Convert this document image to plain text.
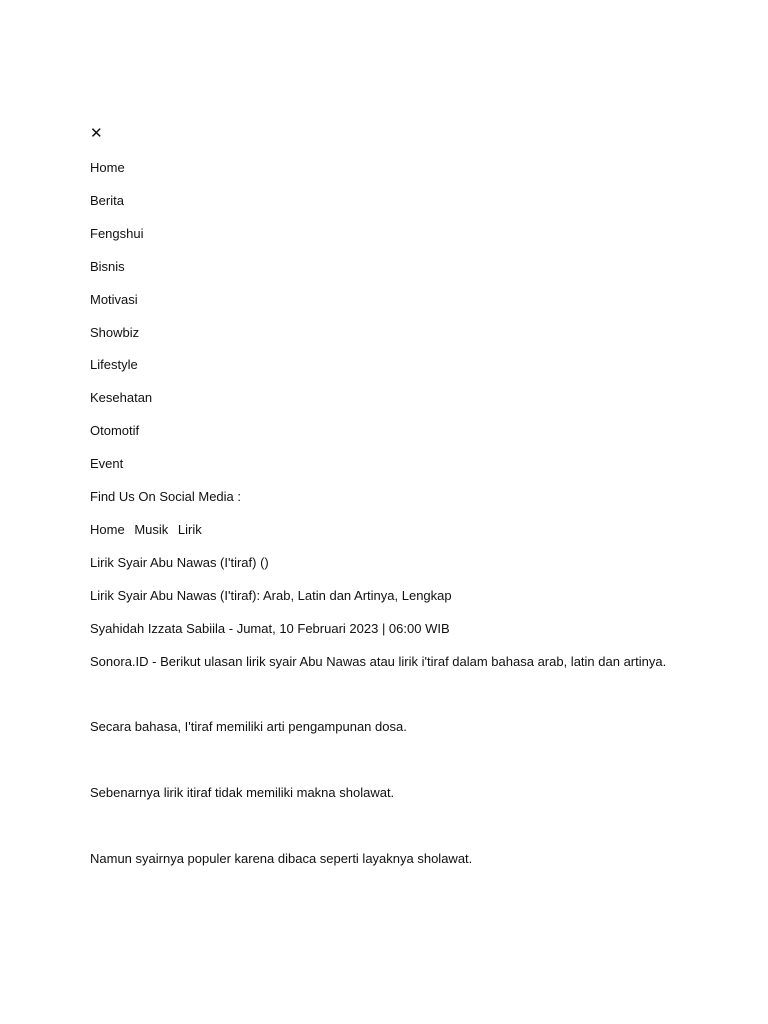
✕
Home
Berita
Fengshui
Bisnis
Motivasi
Showbiz
Lifestyle
Kesehatan
Otomotif
Event
Find Us On Social Media :
Home Musik Lirik
Lirik Syair Abu Nawas (I'tiraf) ()
Lirik Syair Abu Nawas (I'tiraf): Arab, Latin dan Artinya, Lengkap
Syahidah Izzata Sabiila - Jumat, 10 Februari 2023 | 06:00 WIB
Sonora.ID - Berikut ulasan lirik syair Abu Nawas atau lirik i'tiraf dalam bahasa arab, latin dan artinya.
Secara bahasa, I'tiraf memiliki arti pengampunan dosa.
Sebenarnya lirik itiraf tidak memiliki makna sholawat.
Namun syairnya populer karena dibaca seperti layaknya sholawat.
